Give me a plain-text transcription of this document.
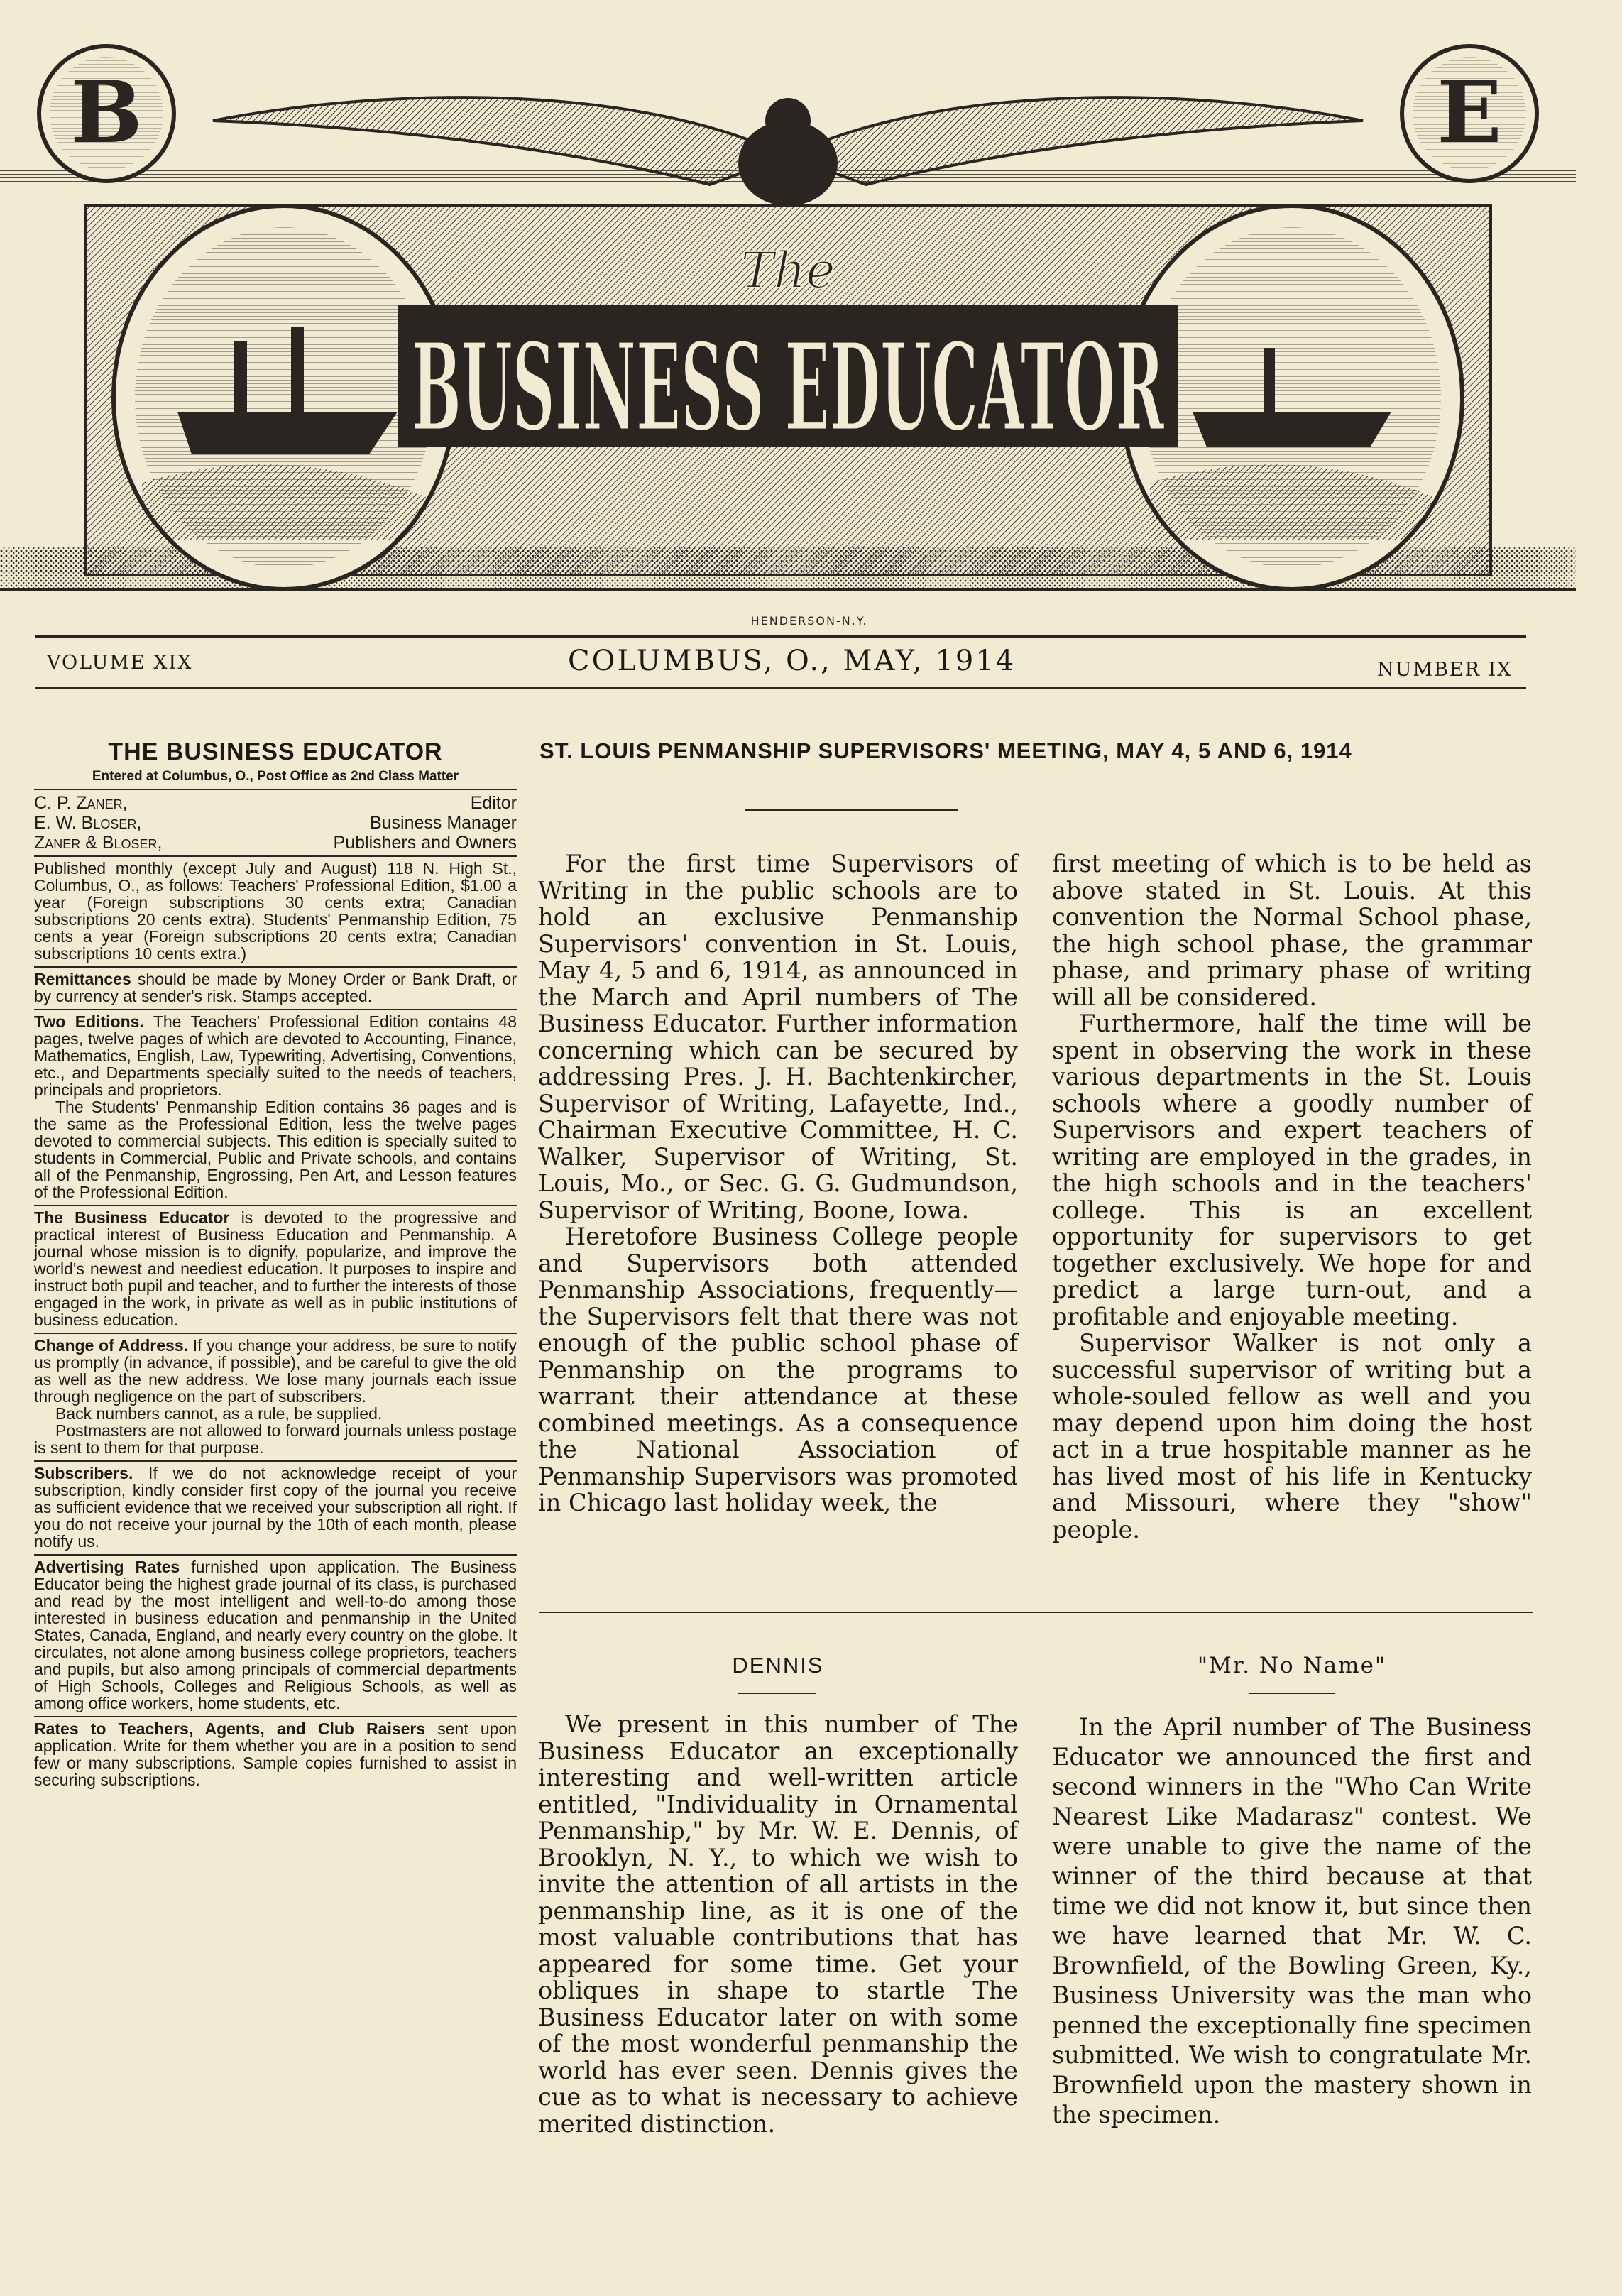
B	E
The
BUSINESS EDUCATOR
HENDERSON-N.Y.
VOLUME XIX	COLUMBUS, O., MAY, 1914	NUMBER IX
THE BUSINESS EDUCATOR
Entered at Columbus, O., Post Office as 2nd Class Matter
C. P. Zaner,	Editor
E. W. Bloser,	Business Manager
Zaner & Bloser,	Publishers and Owners
Published monthly (except July and August) 118 N. High St., Columbus, O., as follows: Teachers' Professional Edition, $1.00 a year (Foreign subscriptions 30 cents extra; Canadian subscriptions 20 cents extra). Students' Penmanship Edition, 75 cents a year (Foreign subscriptions 20 cents extra; Canadian subscriptions 10 cents extra.)
Remittances should be made by Money Order or Bank Draft, or by currency at sender's risk. Stamps accepted.
Two Editions. The Teachers' Professional Edition contains 48 pages, twelve pages of which are devoted to Accounting, Finance, Mathematics, English, Law, Typewriting, Advertising, Conventions, etc., and Departments specially suited to the needs of teachers, principals and proprietors.
The Students' Penmanship Edition contains 36 pages and is the same as the Professional Edition, less the twelve pages devoted to commercial subjects. This edition is specially suited to students in Commercial, Public and Private schools, and contains all of the Penmanship, Engrossing, Pen Art, and Lesson features of the Professional Edition.
The Business Educator is devoted to the progressive and practical interest of Business Education and Penmanship. A journal whose mission is to dignify, popularize, and improve the world's newest and neediest education. It purposes to inspire and instruct both pupil and teacher, and to further the interests of those engaged in the work, in private as well as in public institutions of business education.
Change of Address. If you change your address, be sure to notify us promptly (in advance, if possible), and be careful to give the old as well as the new address. We lose many journals each issue through negligence on the part of subscribers.
Back numbers cannot, as a rule, be supplied.
Postmasters are not allowed to forward journals unless postage is sent to them for that purpose.
Subscribers. If we do not acknowledge receipt of your subscription, kindly consider first copy of the journal you receive as sufficient evidence that we received your subscription all right. If you do not receive your journal by the 10th of each month, please notify us.
Advertising Rates furnished upon application. The Business Educator being the highest grade journal of its class, is purchased and read by the most intelligent and well-to-do among those interested in business education and penmanship in the United States, Canada, England, and nearly every country on the globe. It circulates, not alone among business college proprietors, teachers and pupils, but also among principals of commercial departments of High Schools, Colleges and Religious Schools, as well as among office workers, home students, etc.
Rates to Teachers, Agents, and Club Raisers sent upon application. Write for them whether you are in a position to send few or many subscriptions. Sample copies furnished to assist in securing subscriptions.
ST. LOUIS PENMANSHIP SUPERVISORS' MEETING, MAY 4, 5 AND 6, 1914

For the first time Supervisors of Writing in the public schools are to hold an exclusive Penmanship Supervisors' convention in St. Louis, May 4, 5 and 6, 1914, as announced in the March and April numbers of The Business Educator. Further information concerning which can be secured by addressing Pres. J. H. Bachtenkircher, Supervisor of Writing, Lafayette, Ind., Chairman Executive Committee, H. C. Walker, Supervisor of Writing, St. Louis, Mo., or Sec. G. G. Gudmundson, Supervisor of Writing, Boone, Iowa.

Heretofore Business College people and Supervisors both attended Penmanship Associations, frequently—the Supervisors felt that there was not enough of the public school phase of Penmanship on the programs to warrant their attendance at these combined meetings. As a consequence the National Association of Penmanship Supervisors was promoted in Chicago last holiday week, the

first meeting of which is to be held as above stated in St. Louis. At this convention the Normal School phase, the high school phase, the grammar phase, and primary phase of writing will all be considered.

Furthermore, half the time will be spent in observing the work in these various departments in the St. Louis schools where a goodly number of Supervisors and expert teachers of writing are employed in the grades, in the high schools and in the teachers' college. This is an excellent opportunity for supervisors to get together exclusively. We hope for and predict a large turn-out, and a profitable and enjoyable meeting.

Supervisor Walker is not only a successful supervisor of writing but a whole-souled fellow as well and you may depend upon him doing the host act in a true hospitable manner as he has lived most of his life in Kentucky and Missouri, where they "show" people.

DENNIS

We present in this number of The Business Educator an exceptionally interesting and well-written article entitled, "Individuality in Ornamental Penmanship," by Mr. W. E. Dennis, of Brooklyn, N. Y., to which we wish to invite the attention of all artists in the penmanship line, as it is one of the most valuable contributions that has appeared for some time. Get your obliques in shape to startle The Business Educator later on with some of the most wonderful penmanship the world has ever seen. Dennis gives the cue as to what is necessary to achieve merited distinction.

"Mr. No Name"

In the April number of The Business Educator we announced the first and second winners in the "Who Can Write Nearest Like Madarasz" contest. We were unable to give the name of the winner of the third because at that time we did not know it, but since then we have learned that Mr. W. C. Brownfield, of the Bowling Green, Ky., Business University was the man who penned the exceptionally fine specimen submitted. We wish to congratulate Mr. Brownfield upon the mastery shown in the specimen.
